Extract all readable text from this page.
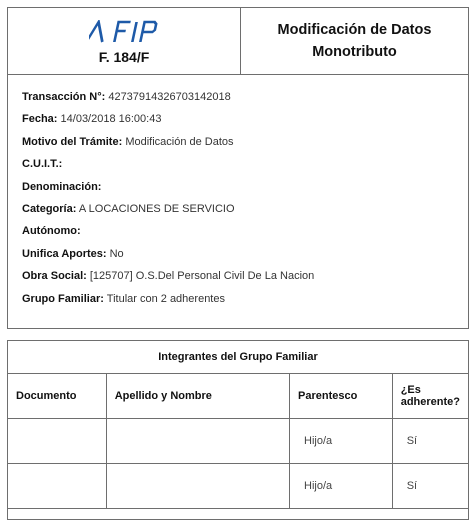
F. 184/F
Modificación de Datos
Monotributo
Transacción N°: 42737914326703142018
Fecha: 14/03/2018 16:00:43
Motivo del Trámite: Modificación de Datos
C.U.I.T.:
Denominación:
Categoría: A LOCACIONES DE SERVICIO
Autónomo:
Unifica Aportes: No
Obra Social: [125707] O.S.Del Personal Civil De La Nacion
Grupo Familiar: Titular con 2 adherentes
Integrantes del Grupo Familiar			
Documento	Apellido y Nombre	Parentesco	¿Es adherente?
		Hijo/a	Sí
		Hijo/a	Sí
